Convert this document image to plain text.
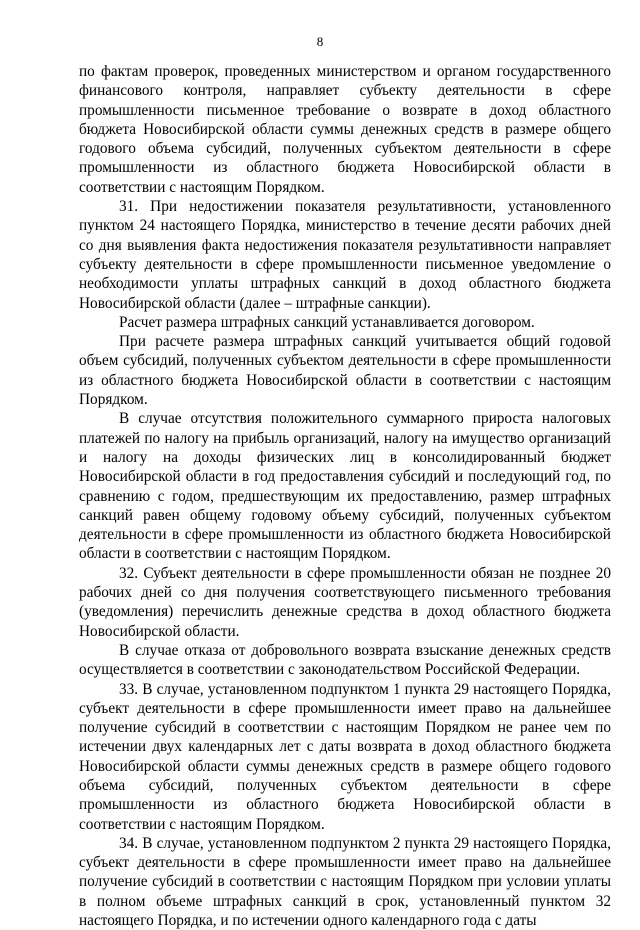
8

по фактам проверок, проведенных министерством и органом государственного финансового контроля, направляет субъекту деятельности в сфере промышленности письменное требование о возврате в доход областного бюджета Новосибирской области суммы денежных средств в размере общего годового объема субсидий, полученных субъектом деятельности в сфере промышленности из областного бюджета Новосибирской области в соответствии с настоящим Порядком.

31. При недостижении показателя результативности, установленного пунктом 24 настоящего Порядка, министерство в течение десяти рабочих дней со дня выявления факта недостижения показателя результативности направляет субъекту деятельности в сфере промышленности письменное уведомление о необходимости уплаты штрафных санкций в доход областного бюджета Новосибирской области (далее – штрафные санкции).

Расчет размера штрафных санкций устанавливается договором.

При расчете размера штрафных санкций учитывается общий годовой объем субсидий, полученных субъектом деятельности в сфере промышленности из областного бюджета Новосибирской области в соответствии с настоящим Порядком.

В случае отсутствия положительного суммарного прироста налоговых платежей по налогу на прибыль организаций, налогу на имущество организаций и налогу на доходы физических лиц в консолидированный бюджет Новосибирской области в год предоставления субсидий и последующий год, по сравнению с годом, предшествующим их предоставлению, размер штрафных санкций равен общему годовому объему субсидий, полученных субъектом деятельности в сфере промышленности из областного бюджета Новосибирской области в соответствии с настоящим Порядком.

32. Субъект деятельности в сфере промышленности обязан не позднее 20 рабочих дней со дня получения соответствующего письменного требования (уведомления) перечислить денежные средства в доход областного бюджета Новосибирской области.

В случае отказа от добровольного возврата взыскание денежных средств осуществляется в соответствии с законодательством Российской Федерации.

33. В случае, установленном подпунктом 1 пункта 29 настоящего Порядка, субъект деятельности в сфере промышленности имеет право на дальнейшее получение субсидий в соответствии с настоящим Порядком не ранее чем по истечении двух календарных лет с даты возврата в доход областного бюджета Новосибирской области суммы денежных средств в размере общего годового объема субсидий, полученных субъектом деятельности в сфере промышленности из областного бюджета Новосибирской области в соответствии с настоящим Порядком.

34. В случае, установленном подпунктом 2 пункта 29 настоящего Порядка, субъект деятельности в сфере промышленности имеет право на дальнейшее получение субсидий в соответствии с настоящим Порядком при условии уплаты в полном объеме штрафных санкций в срок, установленный пунктом 32 настоящего Порядка, и по истечении одного календарного года с даты
